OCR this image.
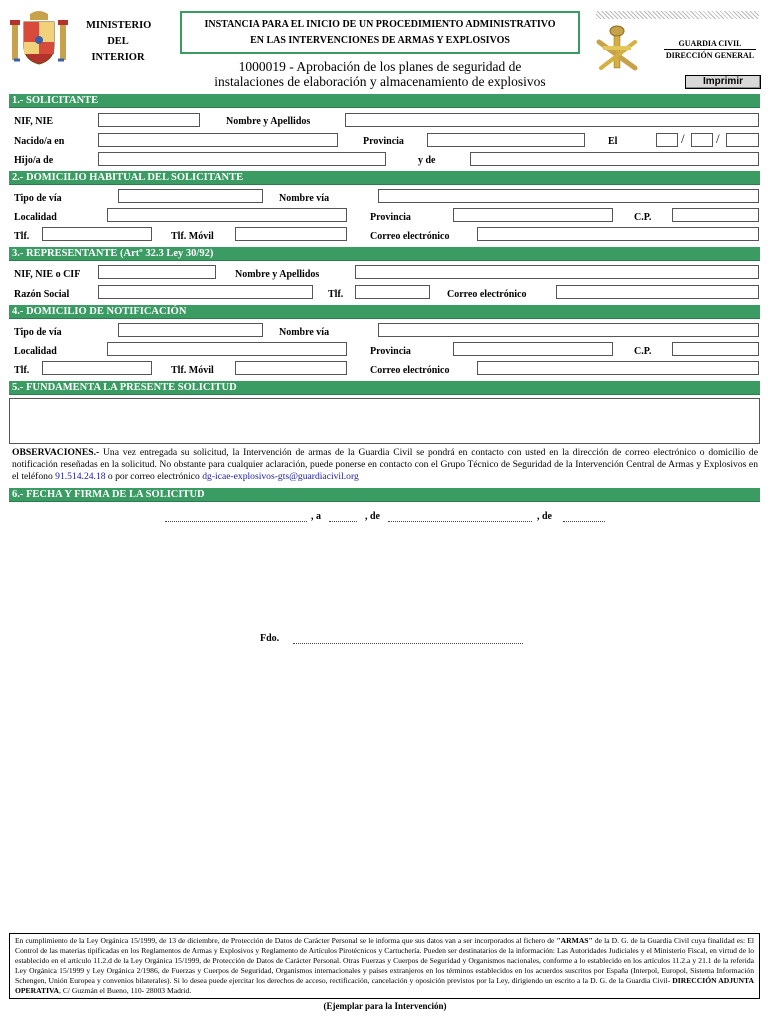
MINISTERIO
DEL INTERIOR
INSTANCIA PARA EL INICIO DE UN PROCEDIMIENTO ADMINISTRATIVO
EN LAS INTERVENCIONES DE ARMAS Y EXPLOSIVOS
1000019 - Aprobación de los planes de seguridad de
instalaciones de elaboración y almacenamiento de explosivos
GUARDIA CIVIL
DIRECCIÓN GENERAL
Imprimir
1.- SOLICITANTE
NIF, NIE	Nombre y Apellidos
Nacido/a en	Provincia	El	/ /
Hijo/a de	y de
2.- DOMICILIO HABITUAL DEL SOLICITANTE
Tipo de vía	Nombre vía
Localidad	Provincia	C.P.
Tlf.	Tlf. Móvil	Correo electrónico
3.- REPRESENTANTE (Artº 32.3 Ley 30/92)
NIF, NIE o CIF	Nombre y Apellidos
Razón Social	Tlf.	Correo electrónico
4.- DOMICILIO DE NOTIFICACIÓN
Tipo de vía	Nombre vía
Localidad	Provincia	C.P.
Tlf.	Tlf. Móvil	Correo electrónico
5.- FUNDAMENTA LA PRESENTE SOLICITUD
OBSERVACIONES.- Una vez entregada su solicitud, la Intervención de armas de la Guardia Civil se pondrá en contacto con usted en la dirección de correo electrónico o domicilio de notificación reseñadas en la solicitud. No obstante para cualquier aclaración, puede ponerse en contacto con el Grupo Técnico de Seguridad de la Intervención Central de Armas y Explosivos en el teléfono 91.514.24.18 o por correo electrónico dg-icae-explosivos-gts@guardiacivil.org
6.- FECHA Y FIRMA DE LA SOLICITUD
, a	, de	, de
Fdo.
En cumplimiento de la Ley Orgánica 15/1999, de 13 de diciembre, de Protección de Datos de Carácter Personal se le informa que sus datos van a ser incorporados al fichero de "ARMAS" de la D. G. de la Guardia Civil cuya finalidad es: El Control de las materias tipificadas en los Reglamentos de Armas y Explosivos y Reglamento de Artículos Pirotécnicos y Cartuchería. Pueden ser destinatarios de la información: Las Autoridades Judiciales y el Ministerio Fiscal, en virtud de lo establecido en el artículo 11.2.d de la Ley Orgánica 15/1999, de Protección de Datos de Carácter Personal. Otras Fuerzas y Cuerpos de Seguridad y Organismos nacionales, conforme a lo establecido en los artículos 11.2.a y 21.1 de la referida Ley Orgánica 15/1999 y Ley Orgánica 2/1986, de Fuerzas y Cuerpos de Seguridad, Organismos internacionales y países extranjeros en los términos establecidos en los acuerdos suscritos por España (Interpol, Europol, Sistema Información Schengen, Unión Europea y convenios bilaterales). Si lo desea puede ejercitar los derechos de acceso, rectificación, cancelación y oposición previstos por la Ley, dirigiendo un escrito a la D. G. de la Guardia Civil- DIRECCIÓN ADJUNTA OPERATIVA, C/ Guzmán el Bueno, 110- 28003 Madrid.
(Ejemplar para la Intervención)
